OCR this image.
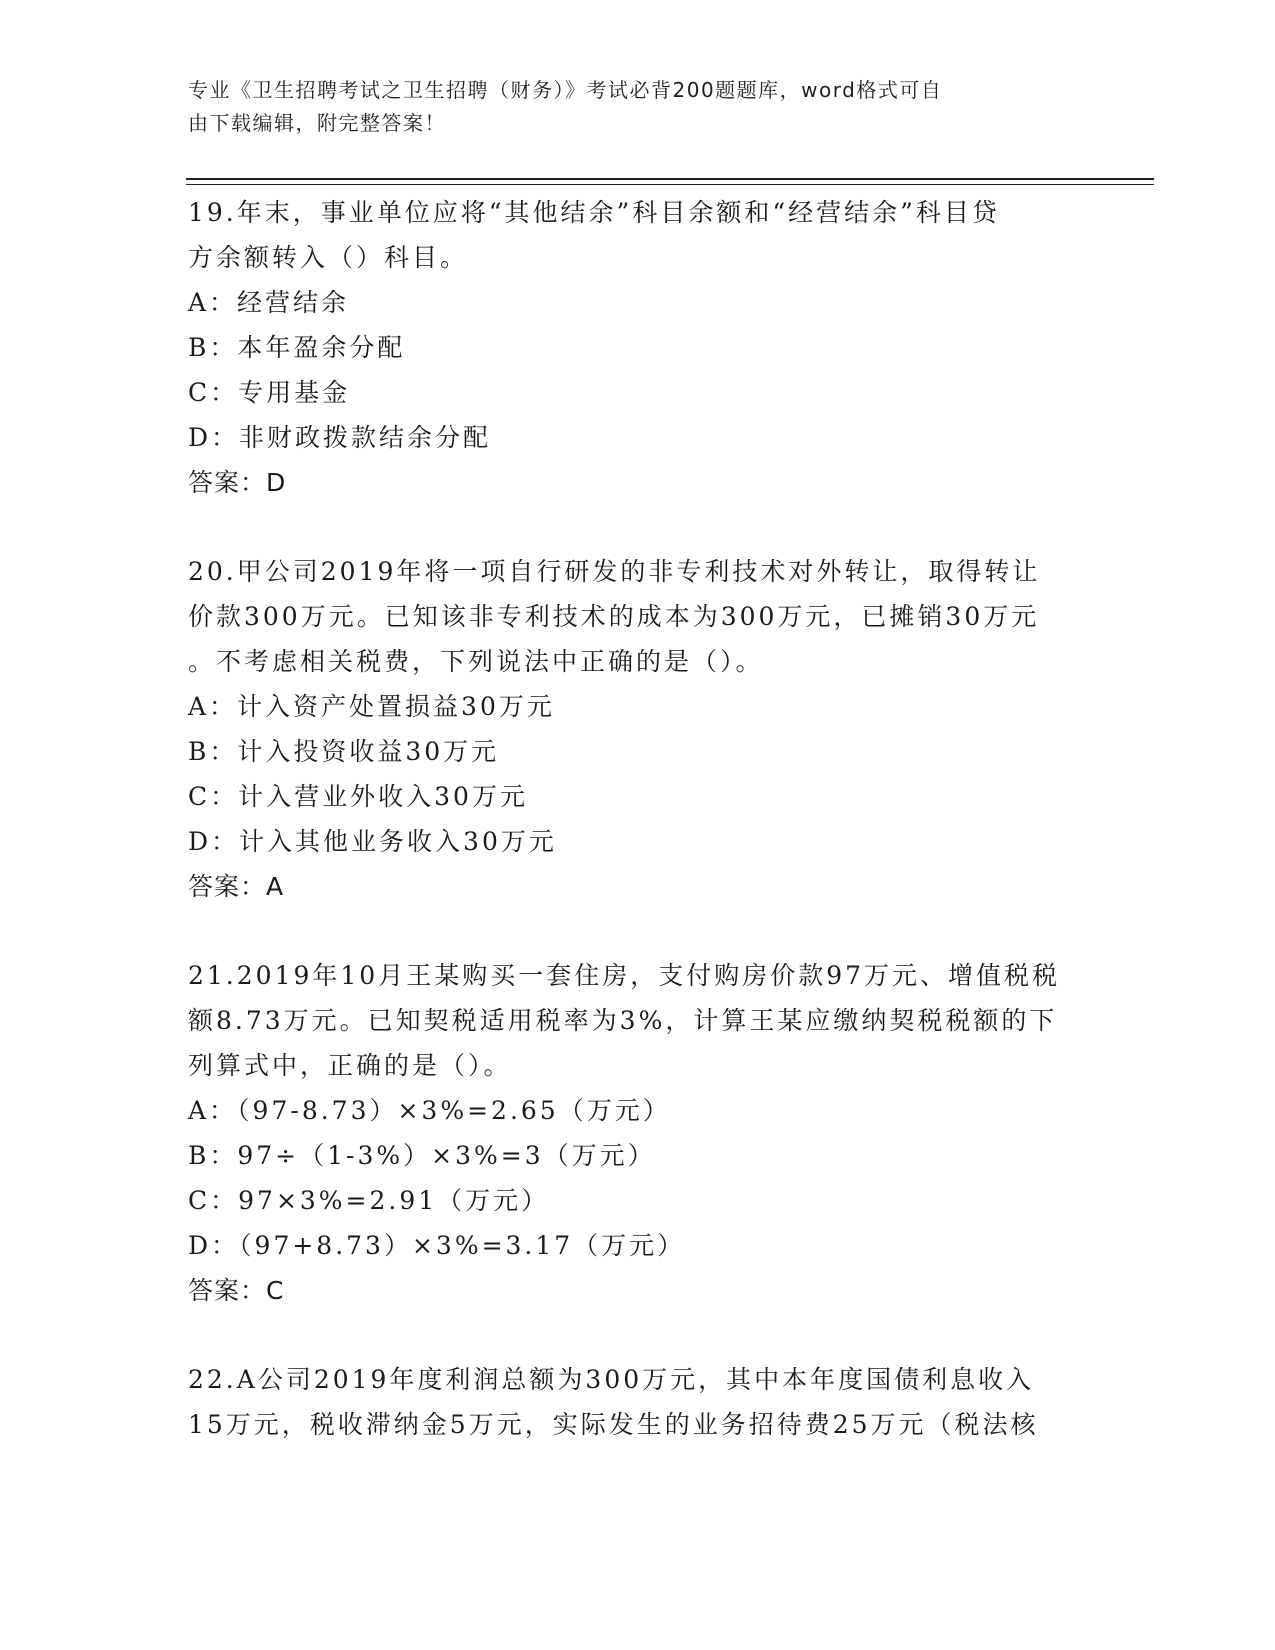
专业《卫生招聘考试之卫生招聘（财务）》考试必背200题题库，word格式可自
由下载编辑，附完整答案！

19.年末，事业单位应将“其他结余”科目余额和“经营结余”科目贷

方余额转入（）科目。

A：经营结余

B：本年盈余分配

C：专用基金

D：非财政拨款结余分配

答案：D

20.甲公司2019年将一项自行研发的非专利技术对外转让，取得转让

价款300万元。已知该非专利技术的成本为300万元，已摊销30万元

。不考虑相关税费，下列说法中正确的是（）。

A：计入资产处置损益30万元

B：计入投资收益30万元

C：计入营业外收入30万元

D：计入其他业务收入30万元

答案：A

21.2019年10月王某购买一套住房，支付购房价款97万元、增值税税

额8.73万元。已知契税适用税率为3%，计算王某应缴纳契税税额的下

列算式中，正确的是（）。

A：（97-8.73）×3%=2.65（万元）

B：97÷（1-3%）×3%=3（万元）

C：97×3%=2.91（万元）

D：（97+8.73）×3%=3.17（万元）

答案：C

22.A公司2019年度利润总额为300万元，其中本年度国债利息收入

15万元，税收滞纳金5万元，实际发生的业务招待费25万元（税法核
